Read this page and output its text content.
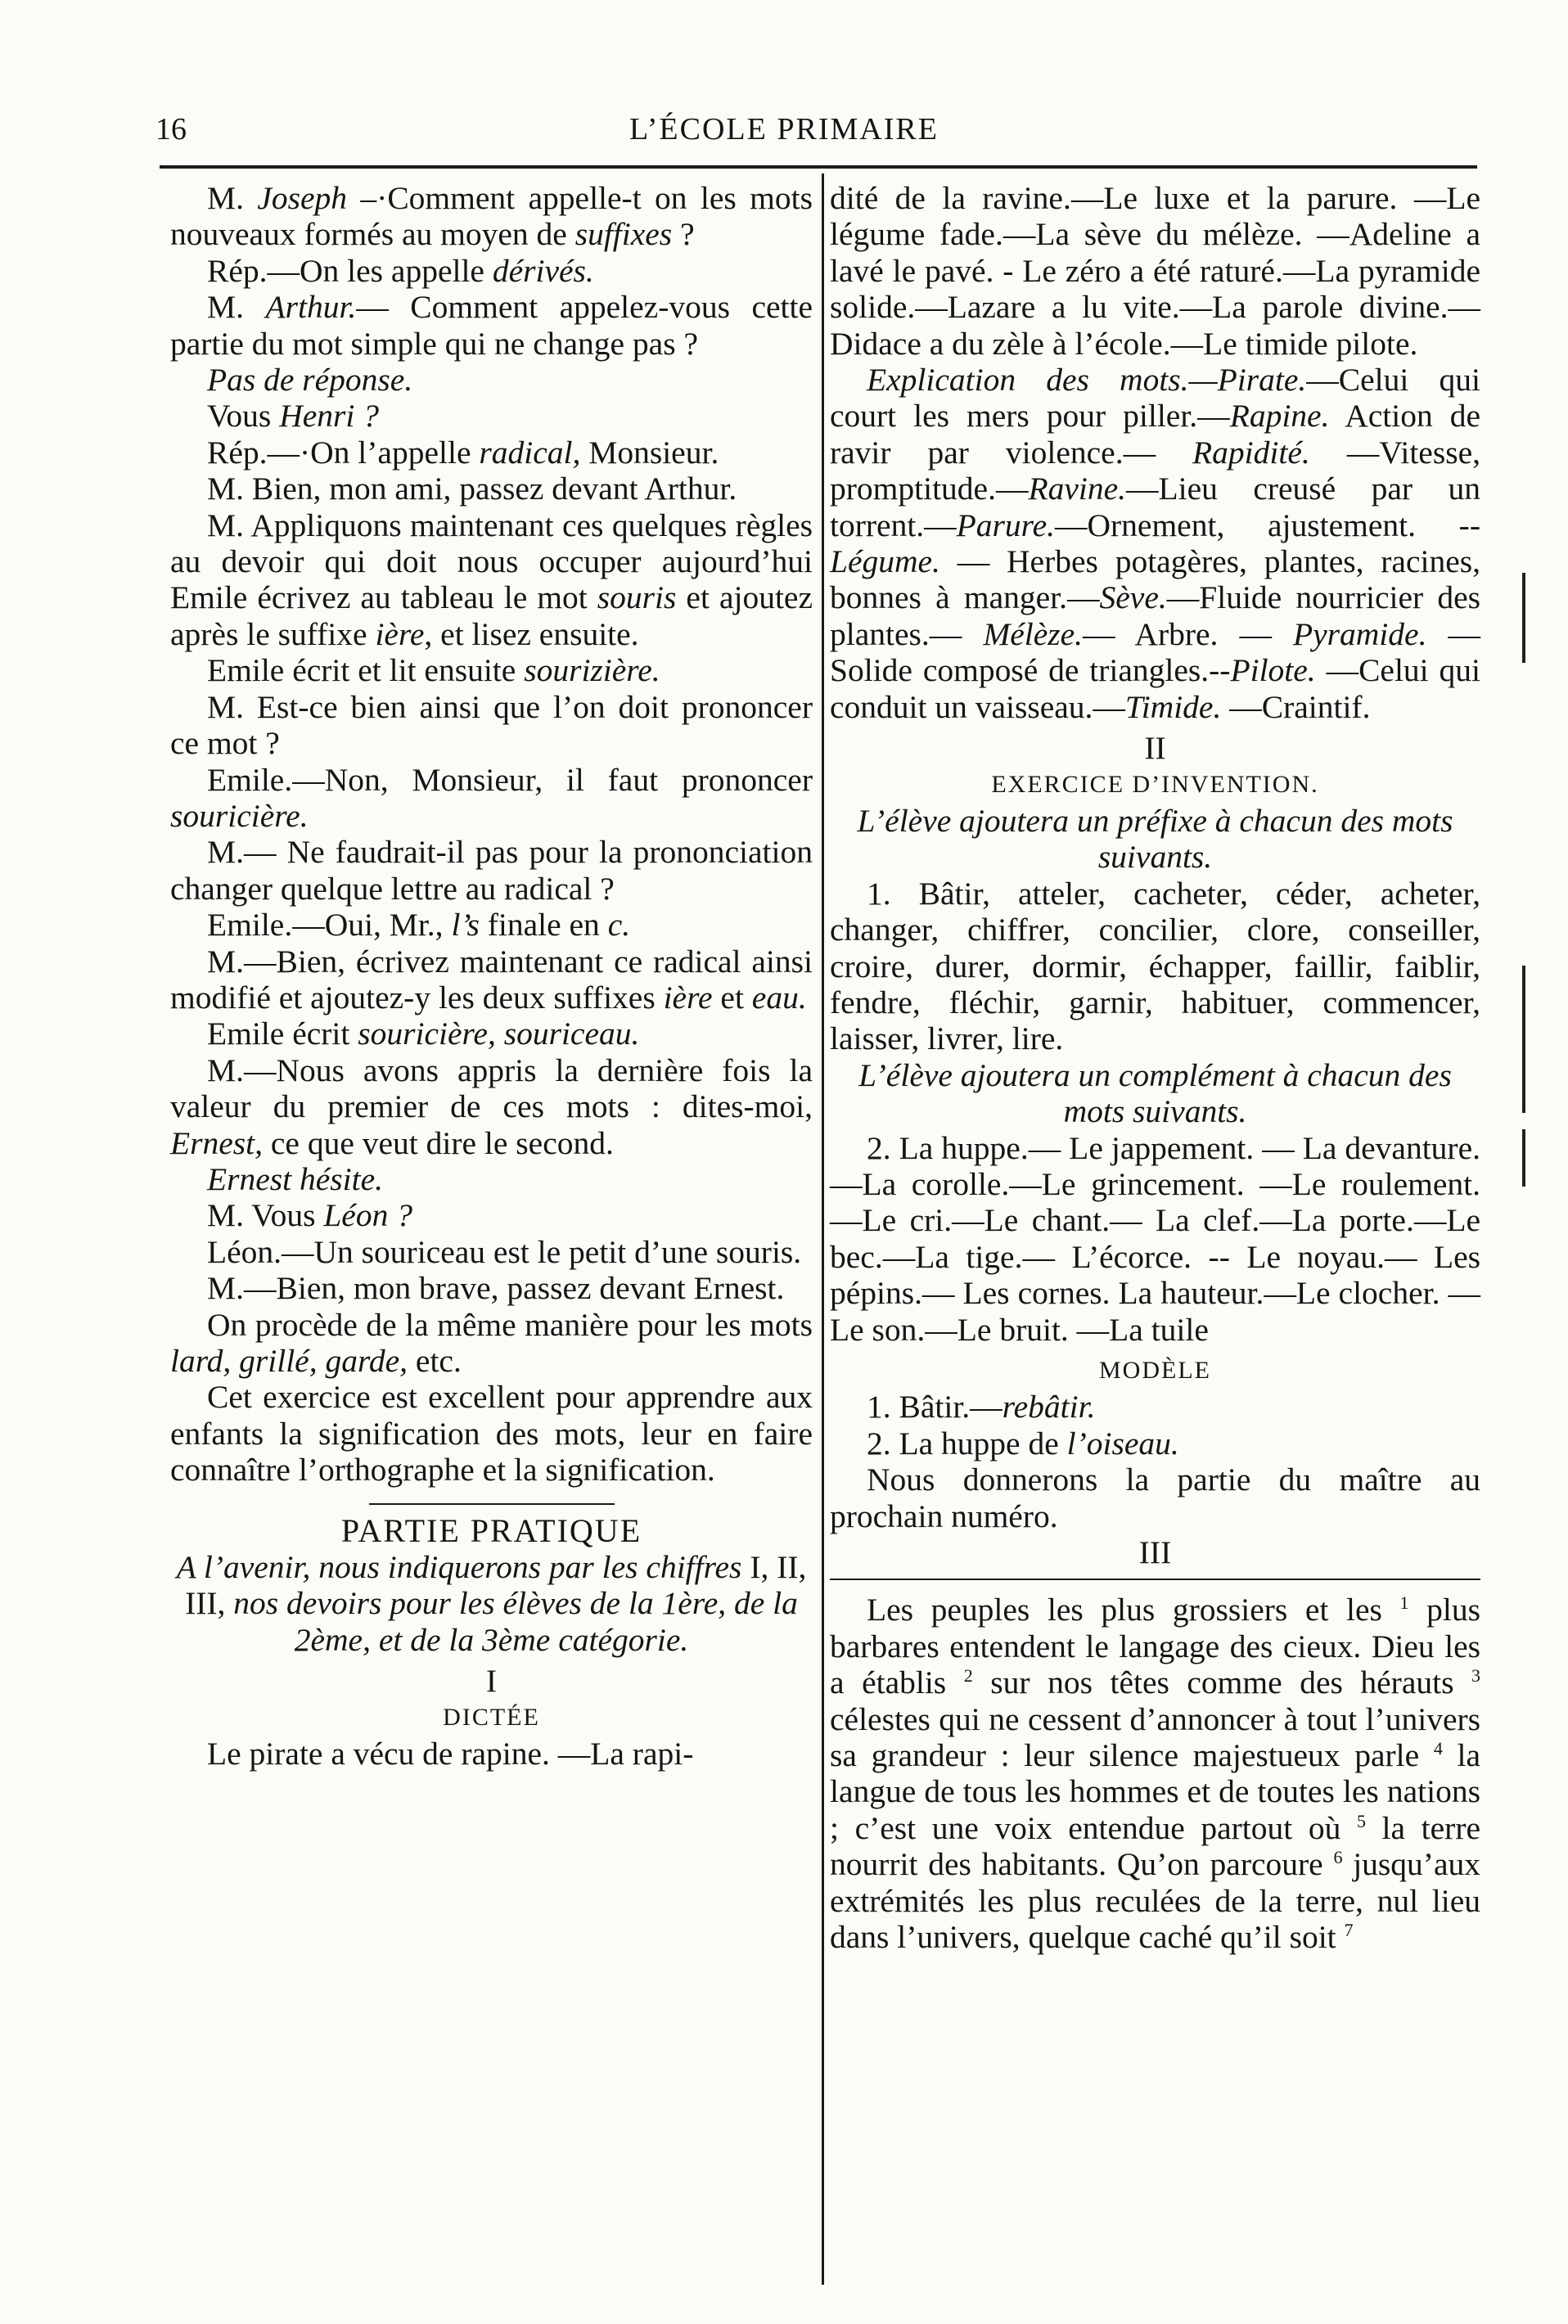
16	L’ÉCOLE PRIMAIRE

M. Joseph –·Comment appelle-t on les mots nouveaux formés au moyen de suffixes ?

Rép.—On les appelle dérivés.

M. Arthur.— Comment appelez-vous cette partie du mot simple qui ne change pas ?

Pas de réponse.

Vous Henri ?

Rép.—·On l’appelle radical, Monsieur.

M. Bien, mon ami, passez devant Arthur.

M. Appliquons maintenant ces quelques règles au devoir qui doit nous occuper aujourd’hui Emile écrivez au tableau le mot souris et ajoutez après le suffixe ière, et lisez ensuite.

Emile écrit et lit ensuite sourizière.

M. Est-ce bien ainsi que l’on doit prononcer ce mot ?

Emile.—Non, Monsieur, il faut prononcer souricière.

M.— Ne faudrait-il pas pour la prononciation changer quelque lettre au radical ?

Emile.—Oui, Mr., l’s finale en c.

M.—Bien, écrivez maintenant ce radical ainsi modifié et ajoutez-y les deux suffixes ière et eau.

Emile écrit souricière, souriceau.

M.—Nous avons appris la dernière fois la valeur du premier de ces mots : dites-moi, Ernest, ce que veut dire le second.

Ernest hésite.

M. Vous Léon ?

Léon.—Un souriceau est le petit d’une souris.

M.—Bien, mon brave, passez devant Ernest.

On procède de la même manière pour les mots lard, grillé, garde, etc.

Cet exercice est excellent pour apprendre aux enfants la signification des mots, leur en faire connaître l’orthographe et la signification.

PARTIE PRATIQUE

A l’avenir, nous indiquerons par les chiffres I, II, III, nos devoirs pour les élèves de la 1ère, de la 2ème, et de la 3ème catégorie.

I

DICTÉE

Le pirate a vécu de rapine. —La rapi-

dité de la ravine.—Le luxe et la parure. —Le légume fade.—La sève du mélèze. —Adeline a lavé le pavé. - Le zéro a été raturé.—La pyramide solide.—Lazare a lu vite.—La parole divine.—Didace a du zèle à l’école.—Le timide pilote.

Explication des mots.—Pirate.—Celui qui court les mers pour piller.—Rapine. Action de ravir par violence.— Rapidité. —Vitesse, promptitude.—Ravine.—Lieu creusé par un torrent.—Parure.—Ornement, ajustement. --Légume. — Herbes potagères, plantes, racines, bonnes à manger.—Sève.—Fluide nourricier des plantes.— Mélèze.— Arbre. — Pyramide. —Solide composé de triangles.--Pilote. —Celui qui conduit un vaisseau.—Timide. —Craintif.

II

EXERCICE D’INVENTION.

L’élève ajoutera un préfixe à chacun des mots suivants.

1. Bâtir, atteler, cacheter, céder, acheter, changer, chiffrer, concilier, clore, conseiller, croire, durer, dormir, échapper, faillir, faiblir, fendre, fléchir, garnir, habituer, commencer, laisser, livrer, lire.

L’élève ajoutera un complément à chacun des mots suivants.

2. La huppe.— Le jappement. — La devanture. —La corolle.—Le grincement. —Le roulement. —Le cri.—Le chant.— La clef.—La porte.—Le bec.—La tige.— L’écorce. -- Le noyau.— Les pépins.— Les cornes. La hauteur.—Le clocher. —Le son.—Le bruit. —La tuile

MODÈLE

1. Bâtir.—rebâtir.

2. La huppe de l’oiseau.

Nous donnerons la partie du maître au prochain numéro.

III

Les peuples les plus grossiers et les $^1$ plus barbares entendent le langage des cieux. Dieu les a établis $^2$ sur nos têtes comme des hérauts $^3$ célestes qui ne cessent d’annoncer à tout l’univers sa grandeur : leur silence majestueux parle $^4$ la langue de tous les hommes et de toutes les nations ; c’est une voix entendue partout où $^5$ la terre nourrit des habitants. Qu’on parcoure $^6$ jusqu’aux extrémités les plus reculées de la terre, nul lieu dans l’univers, quelque caché qu’il soit $^7$
